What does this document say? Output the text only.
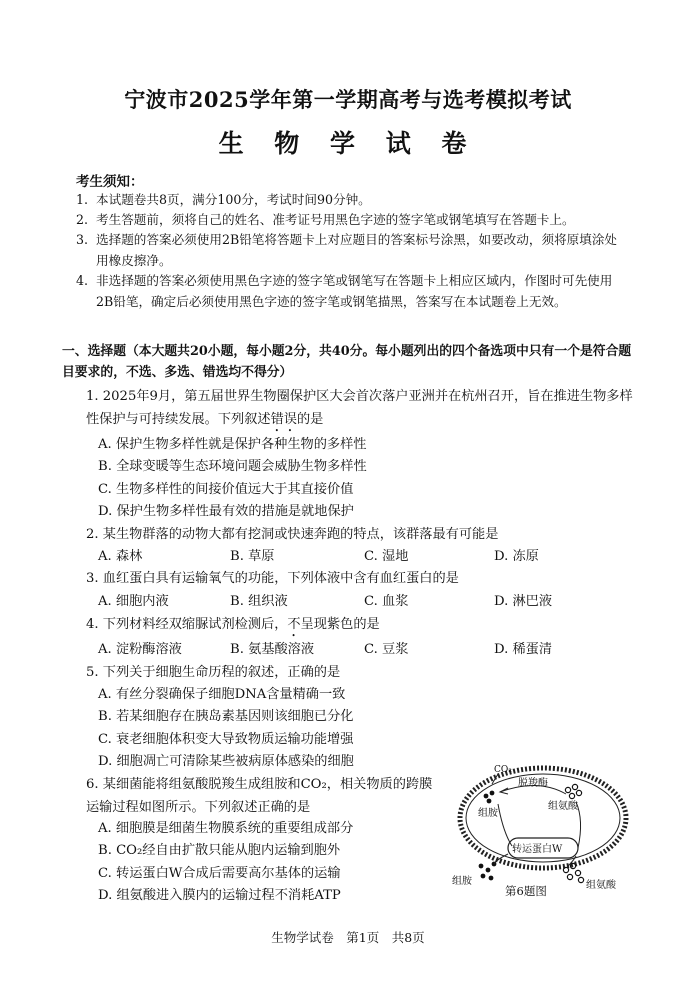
宁波市2025学年第一学期高考与选考模拟考试
生 物 学 试 卷
考生须知：
1. 本试题卷共8页，满分100分，考试时间90分钟。
2. 考生答题前，须将自己的姓名、准考证号用黑色字迹的签字笔或钢笔填写在答题卡上。
3. 选择题的答案必须使用2B铅笔将答题卡上对应题目的答案标号涂黑，如要改动，须将原填涂处用橡皮擦净。
4. 非选择题的答案必须使用黑色字迹的签字笔或钢笔写在答题卡上相应区域内，作图时可先使用2B铅笔，确定后必须使用黑色字迹的签字笔或钢笔描黑，答案写在本试题卷上无效。
一、选择题（本大题共20小题，每小题2分，共40分。每小题列出的四个备选项中只有一个是符合题目要求的，不选、多选、错选均不得分）
1. 2025年9月，第五届世界生物圈保护区大会首次落户亚洲并在杭州召开，旨在推进生物多样性保护与可持续发展。下列叙述错误的是
A. 保护生物多样性就是保护各种生物的多样性
B. 全球变暖等生态环境问题会威胁生物多样性
C. 生物多样性的间接价值远大于其直接价值
D. 保护生物多样性最有效的措施是就地保护
2. 某生物群落的动物大都有挖洞或快速奔跑的特点，该群落最有可能是
A. 森林	B. 草原	C. 湿地	D. 冻原
3. 血红蛋白具有运输氧气的功能，下列体液中含有血红蛋白的是
A. 细胞内液	B. 组织液	C. 血浆	D. 淋巴液
4. 下列材料经双缩脲试剂检测后，不呈现紫色的是
A. 淀粉酶溶液	B. 氨基酸溶液	C. 豆浆	D. 稀蛋清
5. 下列关于细胞生命历程的叙述，正确的是
A. 有丝分裂确保子细胞DNA含量精确一致
B. 若某细胞存在胰岛素基因则该细胞已分化
C. 衰老细胞体积变大导致物质运输功能增强
D. 细胞凋亡可清除某些被病原体感染的细胞
6. 某细菌能将组氨酸脱羧生成组胺和CO₂，相关物质的跨膜运输过程如图所示。下列叙述正确的是
A. 细胞膜是细菌生物膜系统的重要组成部分
B. CO₂经自由扩散只能从胞内运输到胞外
C. 转运蛋白W合成后需要高尔基体的运输
D. 组氨酸进入膜内的运输过程不消耗ATP
CO₂
脱羧酶
组胺
组氨酸
转运蛋白W
组胺	组氨酸
第6题图
生物学试卷　第1页　共8页
